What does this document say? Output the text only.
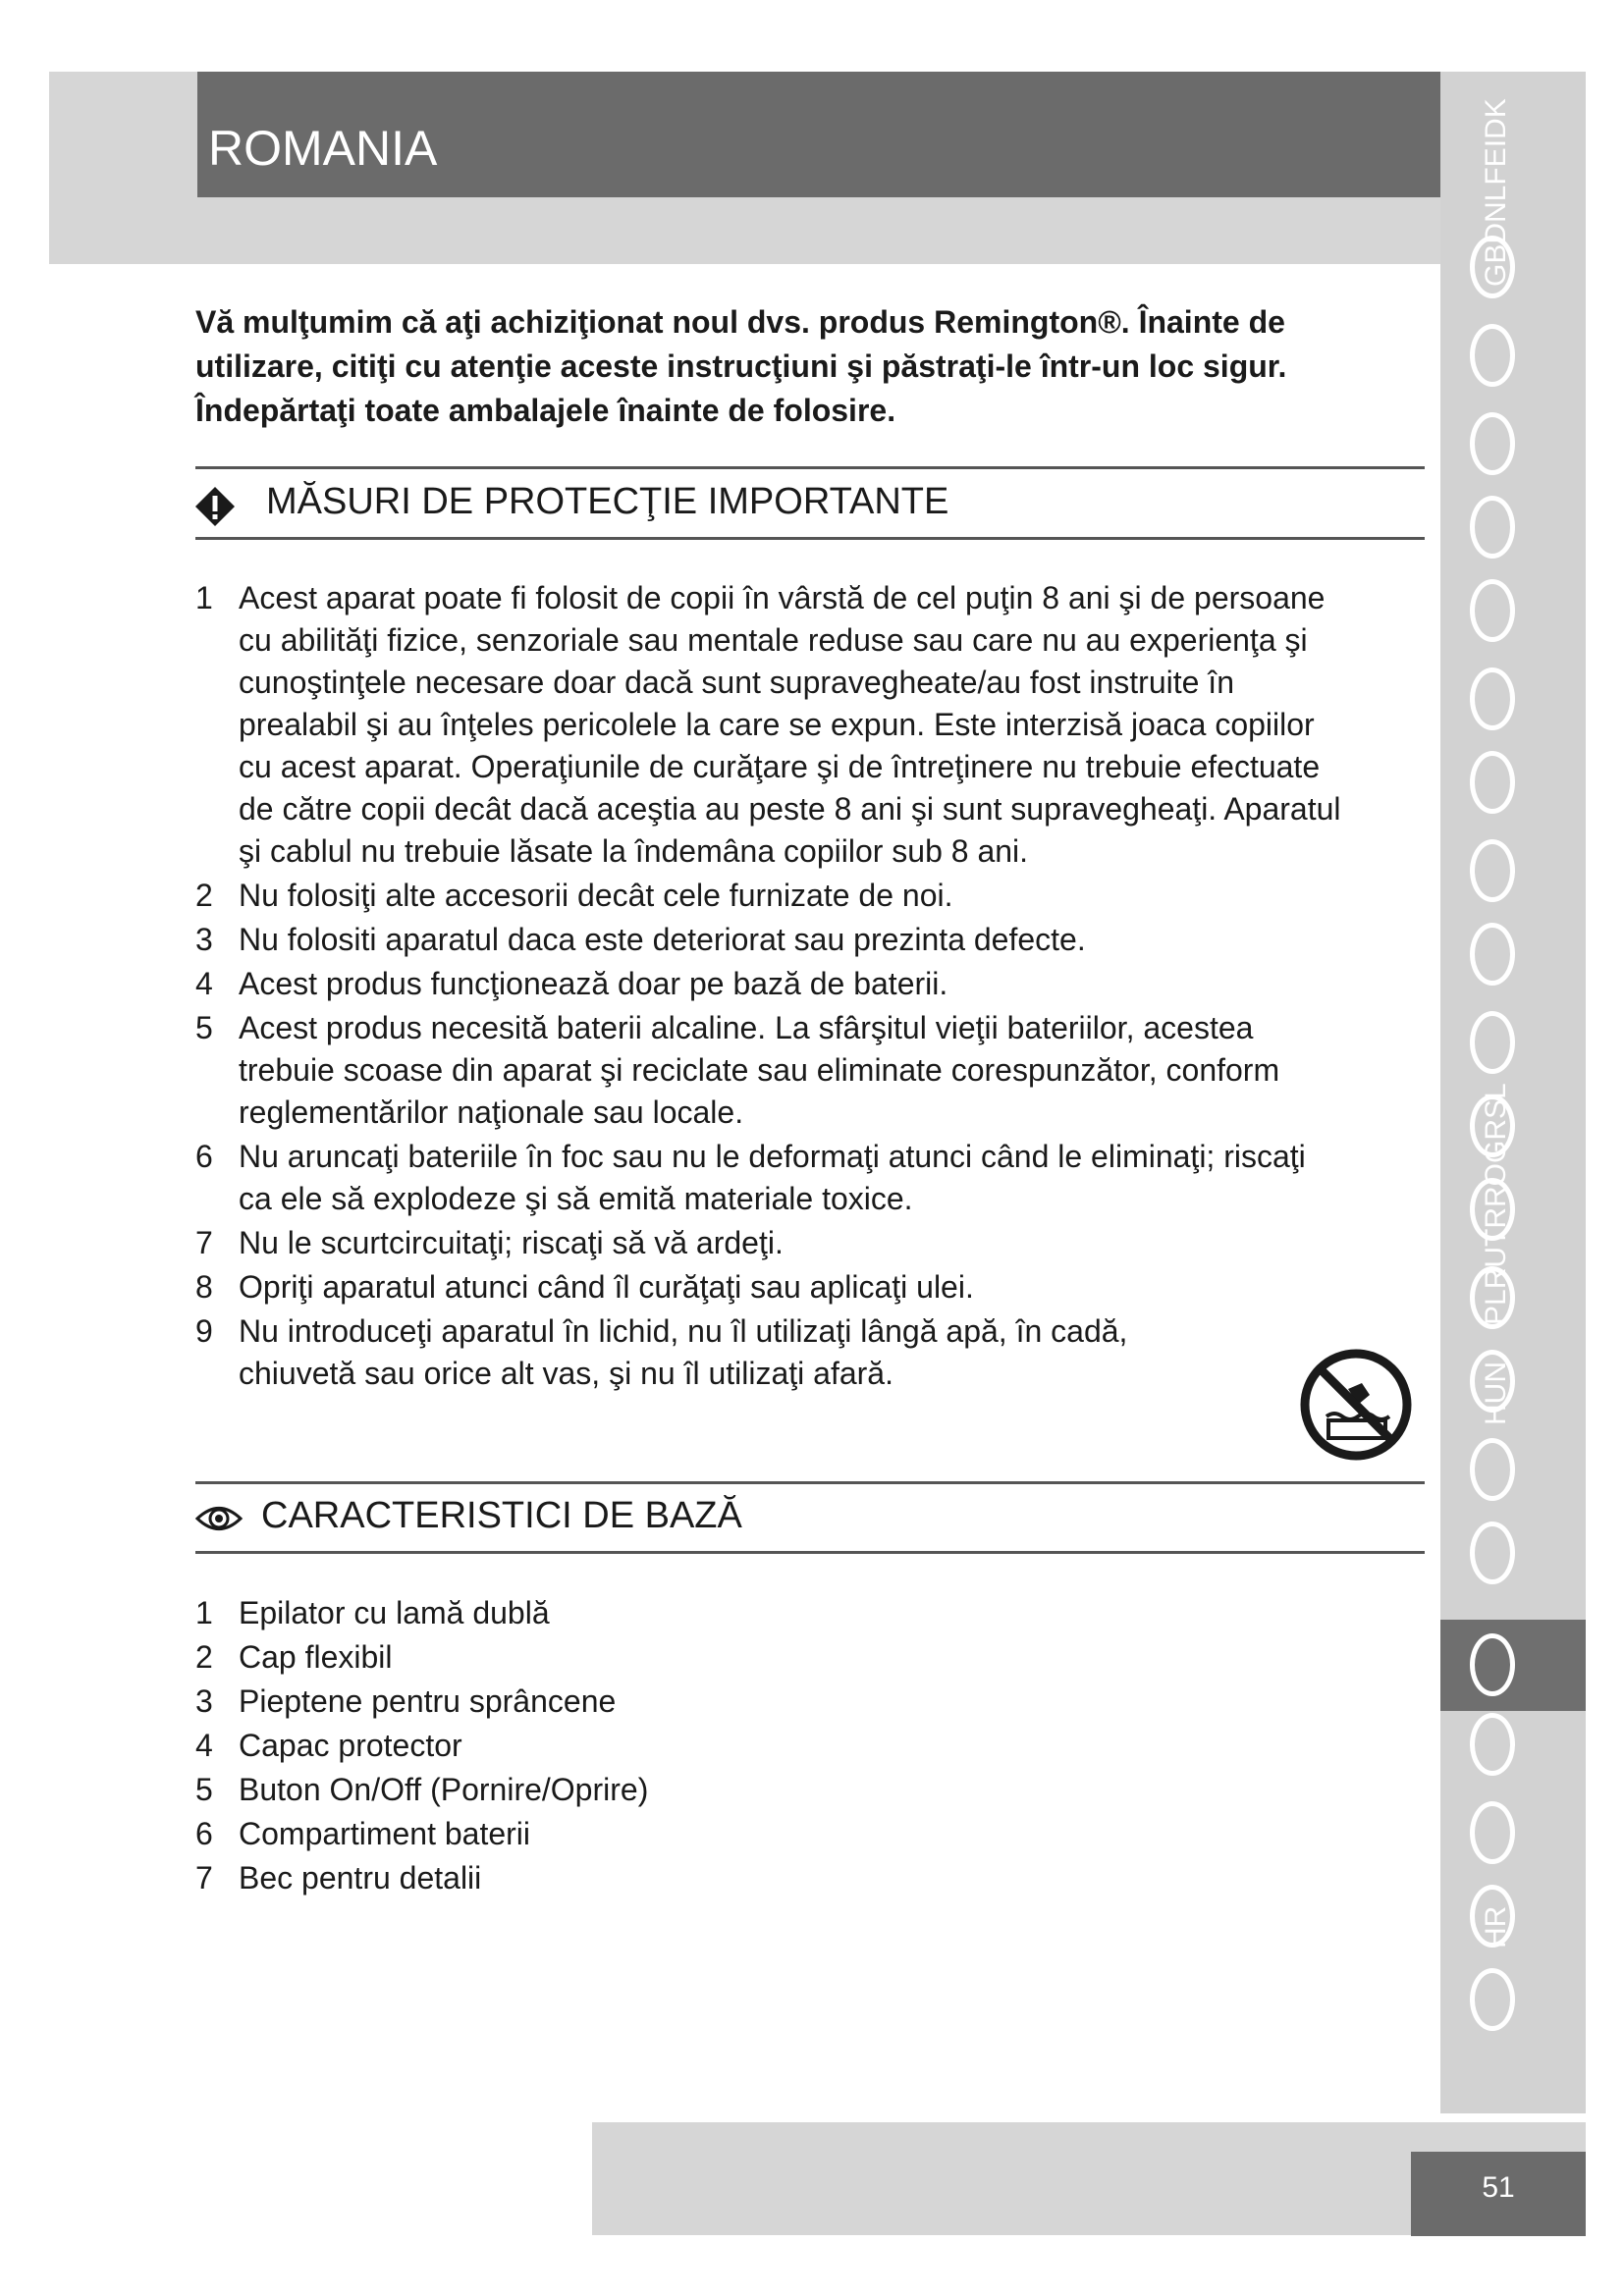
ROMANIA	GBDNLFEIDK
PLRUTRROGRSL
HUN
HR
Vă mulţumim că aţi achiziţionat noul dvs. produs Remington®. Înainte de utilizare, citiţi cu atenţie aceste instrucţiuni şi păstraţi-le într-un loc sigur. Îndepărtaţi toate ambalajele înainte de folosire.
MĂSURI DE PROTECŢIE IMPORTANTE
1 Acest aparat poate fi folosit de copii în vârstă de cel puţin 8 ani şi de persoane cu abilităţi fizice, senzoriale sau mentale reduse sau care nu au experienţa şi cunoştinţele necesare doar dacă sunt supravegheate/au fost instruite în prealabil şi au înţeles pericolele la care se expun. Este interzisă joaca copiilor cu acest aparat. Operaţiunile de curăţare şi de întreţinere nu trebuie efectuate de către copii decât dacă aceştia au peste 8 ani şi sunt supravegheaţi. Aparatul şi cablul nu trebuie lăsate la îndemâna copiilor sub 8 ani.
2 Nu folosiţi alte accesorii decât cele furnizate de noi.
3 Nu folositi aparatul daca este deteriorat sau prezinta defecte.
4 Acest produs funcţionează doar pe bază de baterii.
5 Acest produs necesită baterii alcaline. La sfârşitul vieţii bateriilor, acestea trebuie scoase din aparat şi reciclate sau eliminate corespunzător, conform reglementărilor naţionale sau locale.
6 Nu aruncaţi bateriile în foc sau nu le deformaţi atunci când le eliminaţi; riscaţi ca ele să explodeze şi să emită materiale toxice.
7 Nu le scurtcircuitaţi; riscaţi să vă ardeţi.
8 Opriţi aparatul atunci când îl curăţaţi sau aplicaţi ulei.
9 Nu introduceţi aparatul în lichid, nu îl utilizaţi lângă apă, în cadă, chiuvetă sau orice alt vas, şi nu îl utilizaţi afară.
CARACTERISTICI DE BAZĂ
1 Epilator cu lamă dublă
2 Cap flexibil
3 Pieptene pentru sprâncene
4 Capac protector
5 Buton On/Off (Pornire/Oprire)
6 Compartiment baterii
7 Bec pentru detalii
51
